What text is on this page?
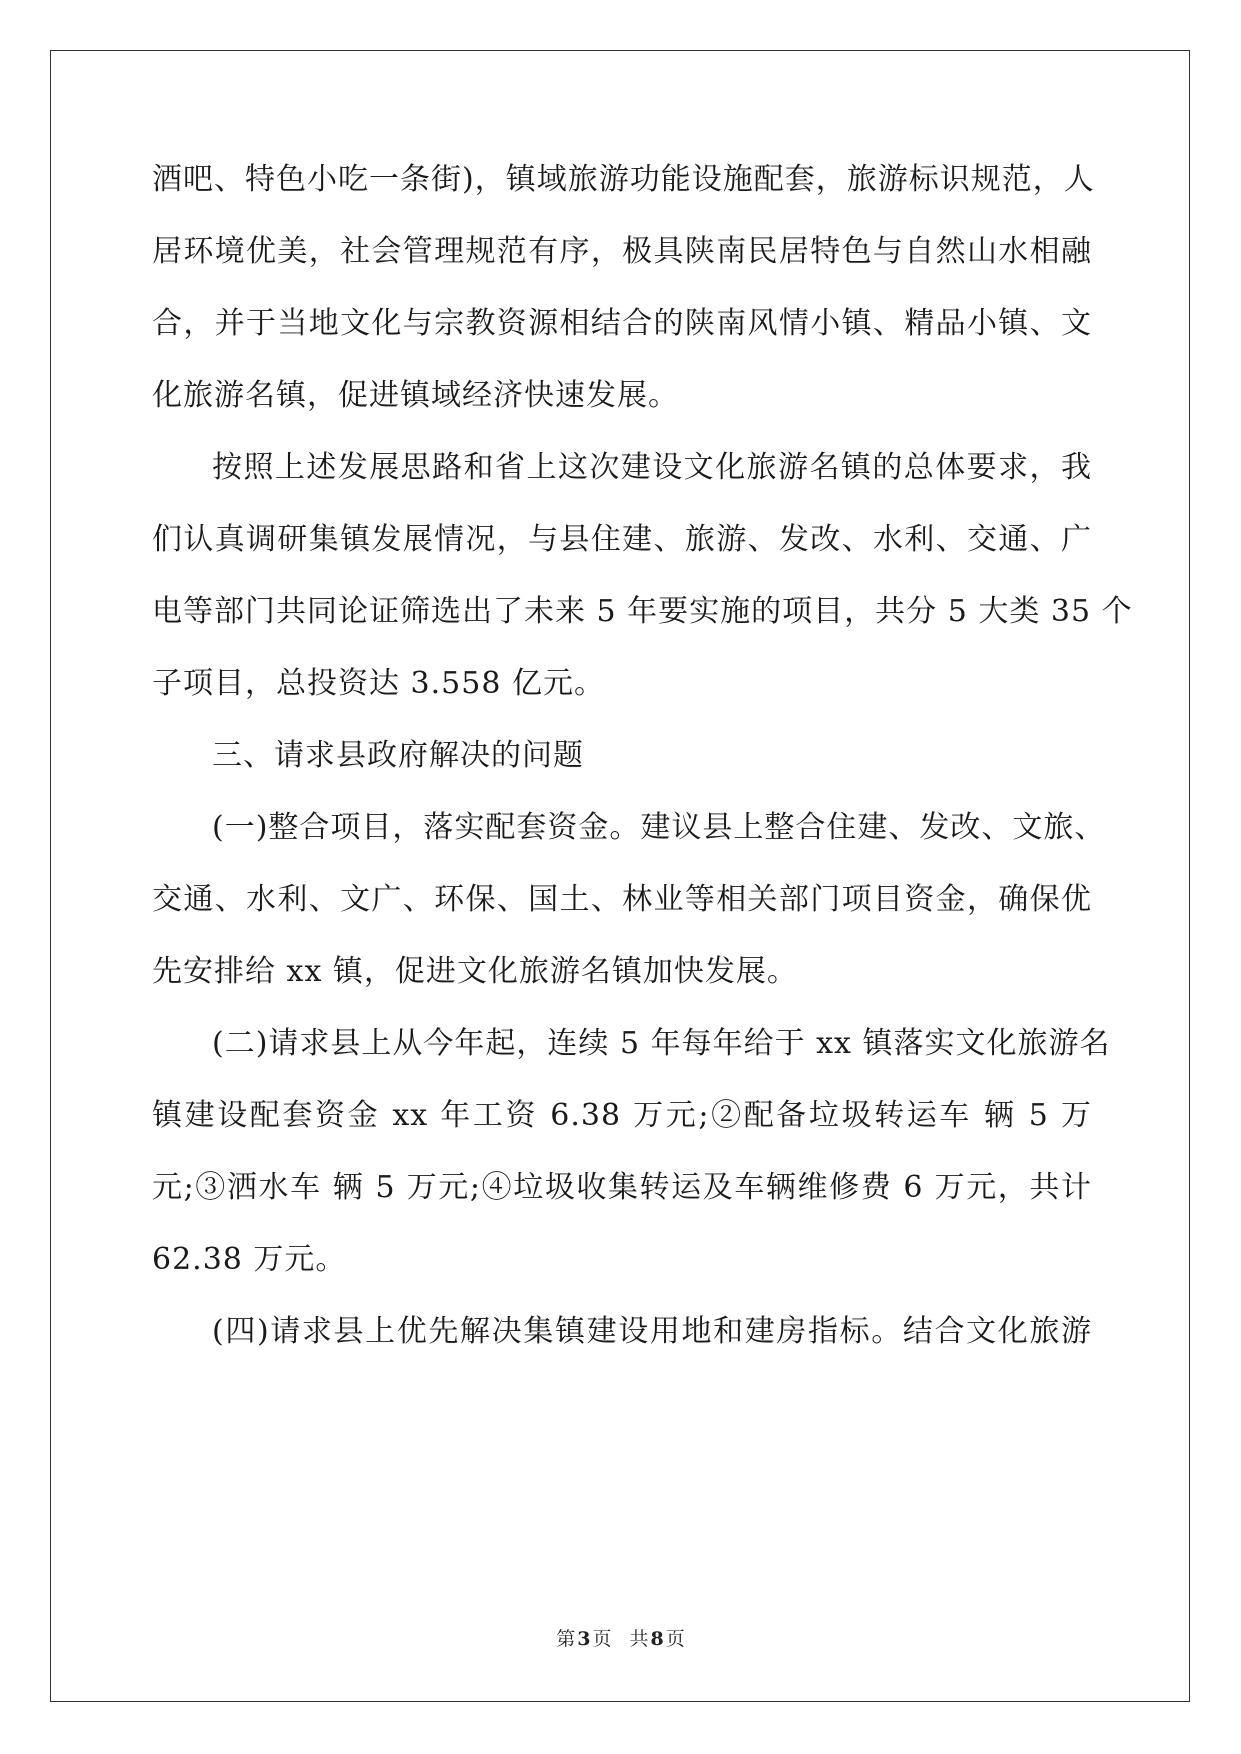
酒吧、特色小吃一条街)，镇域旅游功能设施配套，旅游标识规范，人
居环境优美，社会管理规范有序，极具陕南民居特色与自然山水相融
合，并于当地文化与宗教资源相结合的陕南风情小镇、精品小镇、文
化旅游名镇，促进镇域经济快速发展。
按照上述发展思路和省上这次建设文化旅游名镇的总体要求，我
们认真调研集镇发展情况，与县住建、旅游、发改、水利、交通、广
电等部门共同论证筛选出了未来 5 年要实施的项目，共分 5 大类 35 个
子项目，总投资达 3.558 亿元。
三、请求县政府解决的问题
(一)整合项目，落实配套资金。建议县上整合住建、发改、文旅、
交通、水利、文广、环保、国土、林业等相关部门项目资金，确保优
先安排给 xx 镇，促进文化旅游名镇加快发展。
(二)请求县上从今年起，连续 5 年每年给于 xx 镇落实文化旅游名
镇建设配套资金 xx 年工资 6.38 万元;②配备垃圾转运车 辆 5 万
元;③洒水车 辆 5 万元;④垃圾收集转运及车辆维修费 6 万元，共计
62.38 万元。
(四)请求县上优先解决集镇建设用地和建房指标。结合文化旅游
第 3 页 共 8 页
